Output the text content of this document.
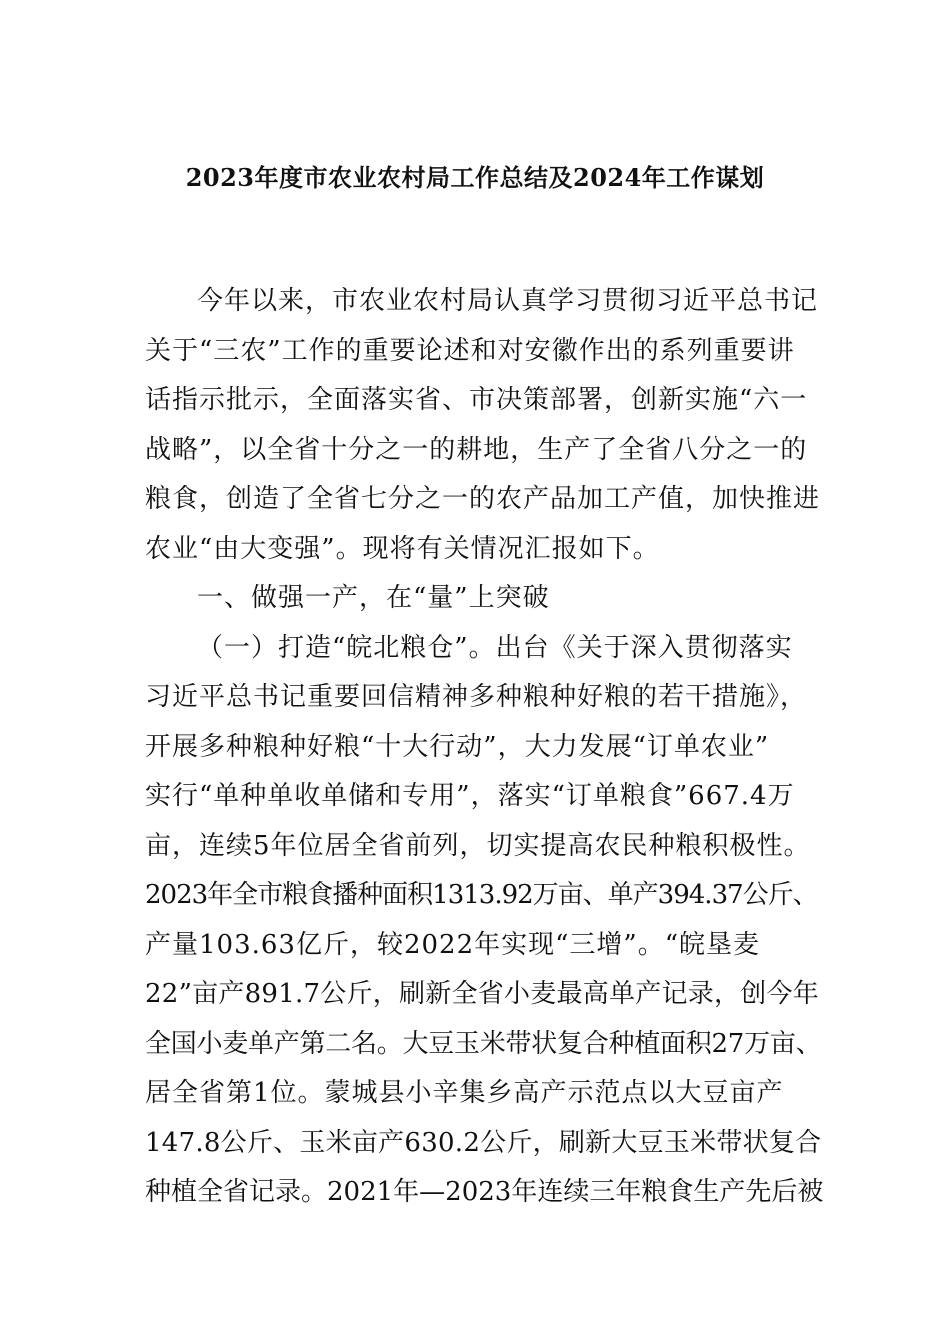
2023年度市农业农村局工作总结及2024年工作谋划
今年以来，市农业农村局认真学习贯彻习近平总书记
关于“三农”工作的重要论述和对安徽作出的系列重要讲
话指示批示，全面落实省、市决策部署，创新实施“六一
战略”，以全省十分之一的耕地，生产了全省八分之一的
粮食，创造了全省七分之一的农产品加工产值，加快推进
农业“由大变强”。现将有关情况汇报如下。
一、做强一产，在“量”上突破
（一）打造“皖北粮仓”。出台《关于深入贯彻落实
习近平总书记重要回信精神多种粮种好粮的若干措施》，
开展多种粮种好粮“十大行动”，大力发展“订单农业”
实行“单种单收单储和专用”，落实“订单粮食”667.4万
亩，连续5年位居全省前列，切实提高农民种粮积极性。
2023年全市粮食播种面积1313.92万亩、单产394.37公斤、
产量103.63亿斤，较2022年实现“三增”。“皖垦麦
22”亩产891.7公斤，刷新全省小麦最高单产记录，创今年
全国小麦单产第二名。大豆玉米带状复合种植面积27万亩、
居全省第1位。蒙城县小辛集乡高产示范点以大豆亩产
147.8公斤、玉米亩产630.2公斤，刷新大豆玉米带状复合
种植全省记录。2021年—2023年连续三年粮食生产先后被
